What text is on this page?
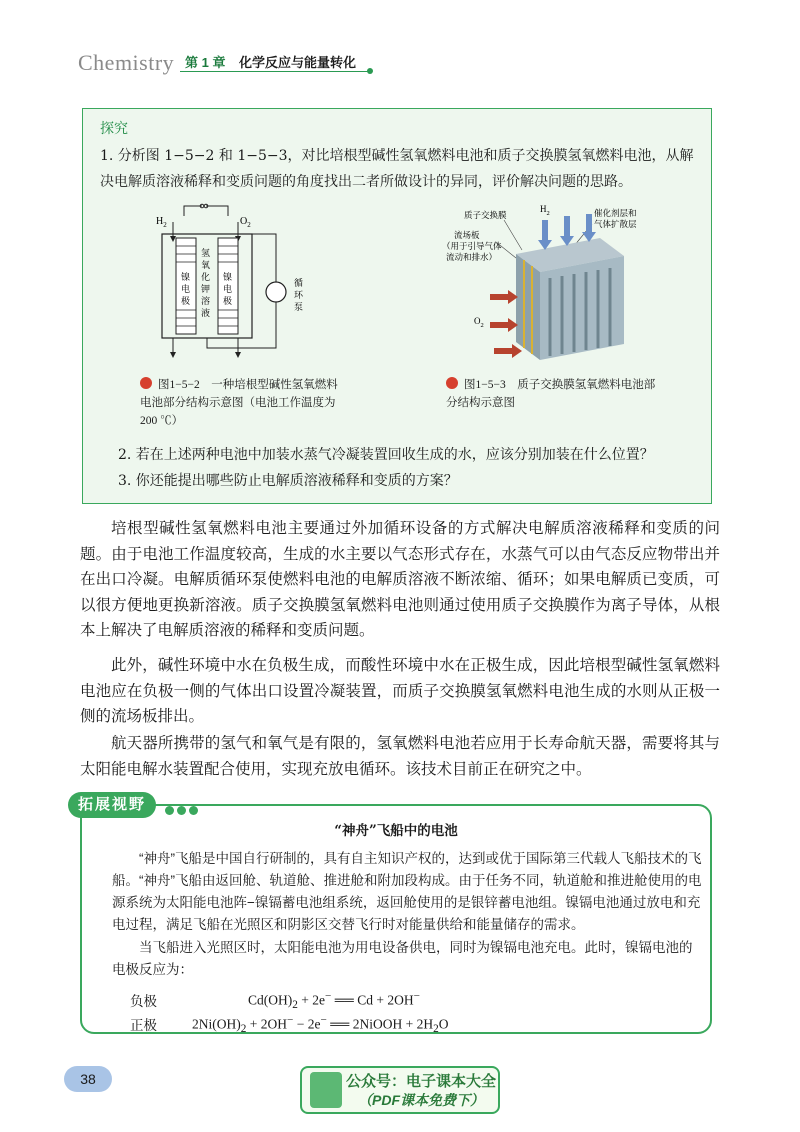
Chemistry 第 1 章 化学反应与能量转化
探究
1. 分析图 1−5−2 和 1−5−3，对比培根型碱性氢氧燃料电池和质子交换膜氢氧燃料电池，从解决电解质溶液稀释和变质问题的角度找出二者所做设计的异同，评价解决问题的思路。
$H_2$	$O_2$
镍
电
极
镍
电
极
氢
氧
化
钾
溶
液
循
环
泵
质子交换膜
$H_2$	催化剂层和
气体扩散层
流场板
（用于引导气体
流动和排水）
$O_2$
图1−5−2　一种培根型碱性氢氧燃料电池部分结构示意图（电池工作温度为200 ℃）
图1−5−3　质子交换膜氢氧燃料电池部分结构示意图
2. 若在上述两种电池中加装水蒸气冷凝装置回收生成的水，应该分别加装在什么位置？
3. 你还能提出哪些防止电解质溶液稀释和变质的方案？
培根型碱性氢氧燃料电池主要通过外加循环设备的方式解决电解质溶液稀释和变质的问题。由于电池工作温度较高，生成的水主要以气态形式存在，水蒸气可以由气态反应物带出并在出口冷凝。电解质循环泵使燃料电池的电解质溶液不断浓缩、循环；如果电解质已变质，可以很方便地更换新溶液。质子交换膜氢氧燃料电池则通过使用质子交换膜作为离子导体，从根本上解决了电解质溶液的稀释和变质问题。
此外，碱性环境中水在负极生成，而酸性环境中水在正极生成，因此培根型碱性氢氧燃料电池应在负极一侧的气体出口设置冷凝装置，而质子交换膜氢氧燃料电池生成的水则从正极一侧的流场板排出。
航天器所携带的氢气和氧气是有限的，氢氧燃料电池若应用于长寿命航天器，需要将其与太阳能电解水装置配合使用，实现充放电循环。该技术目前正在研究之中。
拓展视野
“神舟”飞船中的电池
“神舟”飞船是中国自行研制的，具有自主知识产权的，达到或优于国际第三代载人飞船技术的飞船。“神舟”飞船由返回舱、轨道舱、推进舱和附加段构成。由于任务不同，轨道舱和推进舱使用的电源系统为太阳能电池阵−镍镉蓄电池组系统，返回舱使用的是银锌蓄电池组。镍镉电池通过放电和充电过程，满足飞船在光照区和阴影区交替飞行时对能量供给和能量储存的需求。
当飞船进入光照区时，太阳能电池为用电设备供电，同时为镍镉电池充电。此时，镍镉电池的电极反应为：
负极	$Cd(OH)_2 + 2e^-$ ══ Cd + 2OH−
正极	$2Ni(OH)_2 + 2OH^- - 2e^-$ ══ 2NiOOH + $2H_2O$
38	公众号：电子课本大全
（PDF课本免费下）
